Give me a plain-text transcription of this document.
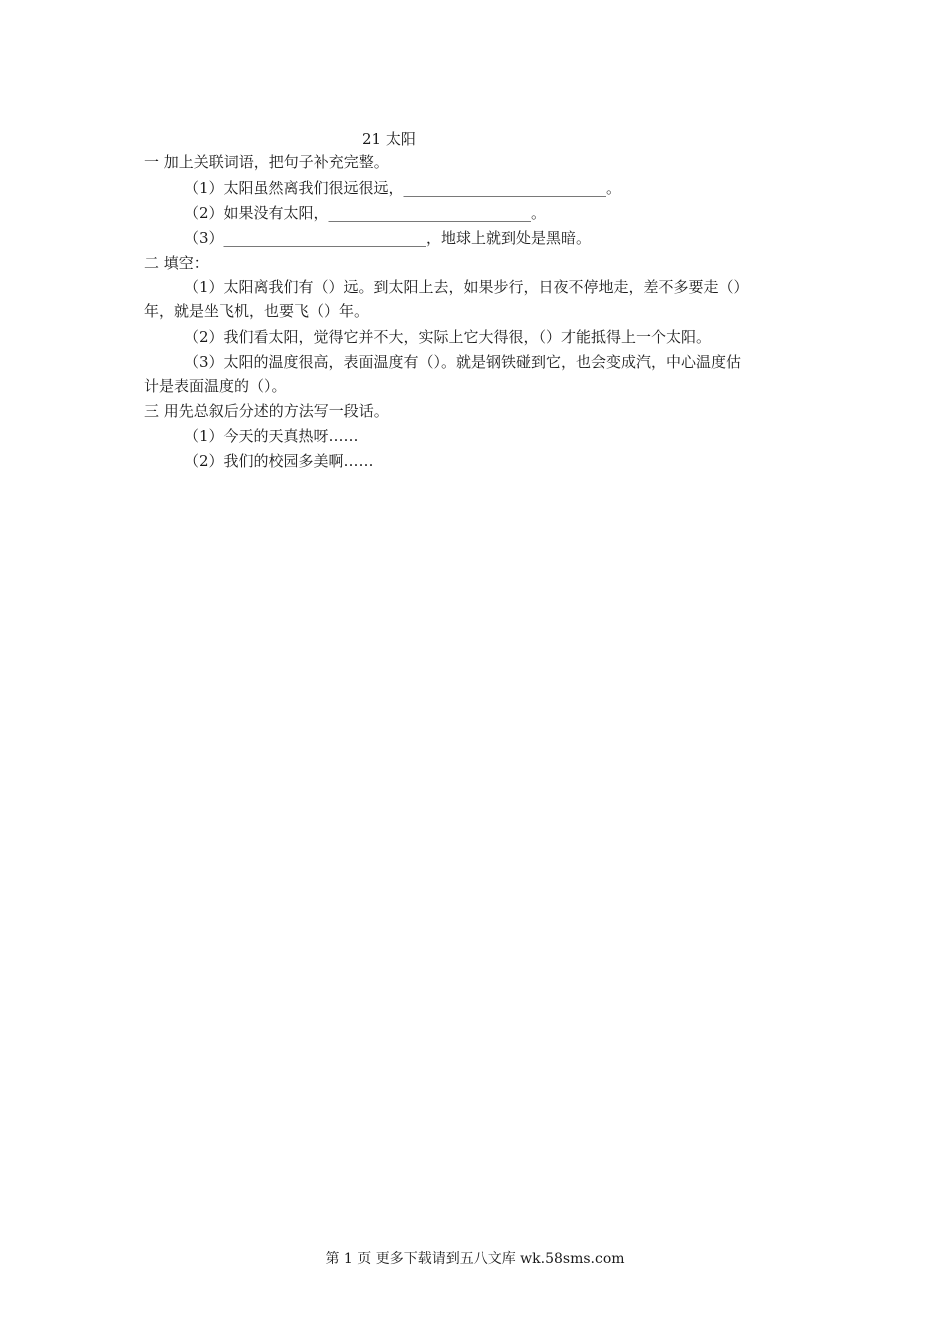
21 太阳
一 加上关联词语，把句子补充完整。
（1）太阳虽然离我们很远很远，___________________________。
（2）如果没有太阳，___________________________。
（3）___________________________，地球上就到处是黑暗。
二 填空：
（1）太阳离我们有（）远。到太阳上去，如果步行，日夜不停地走，差不多要走（）
年，就是坐飞机，也要飞（）年。
（2）我们看太阳，觉得它并不大，实际上它大得很，（）才能抵得上一个太阳。
（3）太阳的温度很高，表面温度有（）。就是钢铁碰到它，也会变成汽，中心温度估
计是表面温度的（）。
三 用先总叙后分述的方法写一段话。
（1）今天的天真热呀……
（2）我们的校园多美啊……
第 1 页 更多下载请到五八文库 wk.58sms.com
